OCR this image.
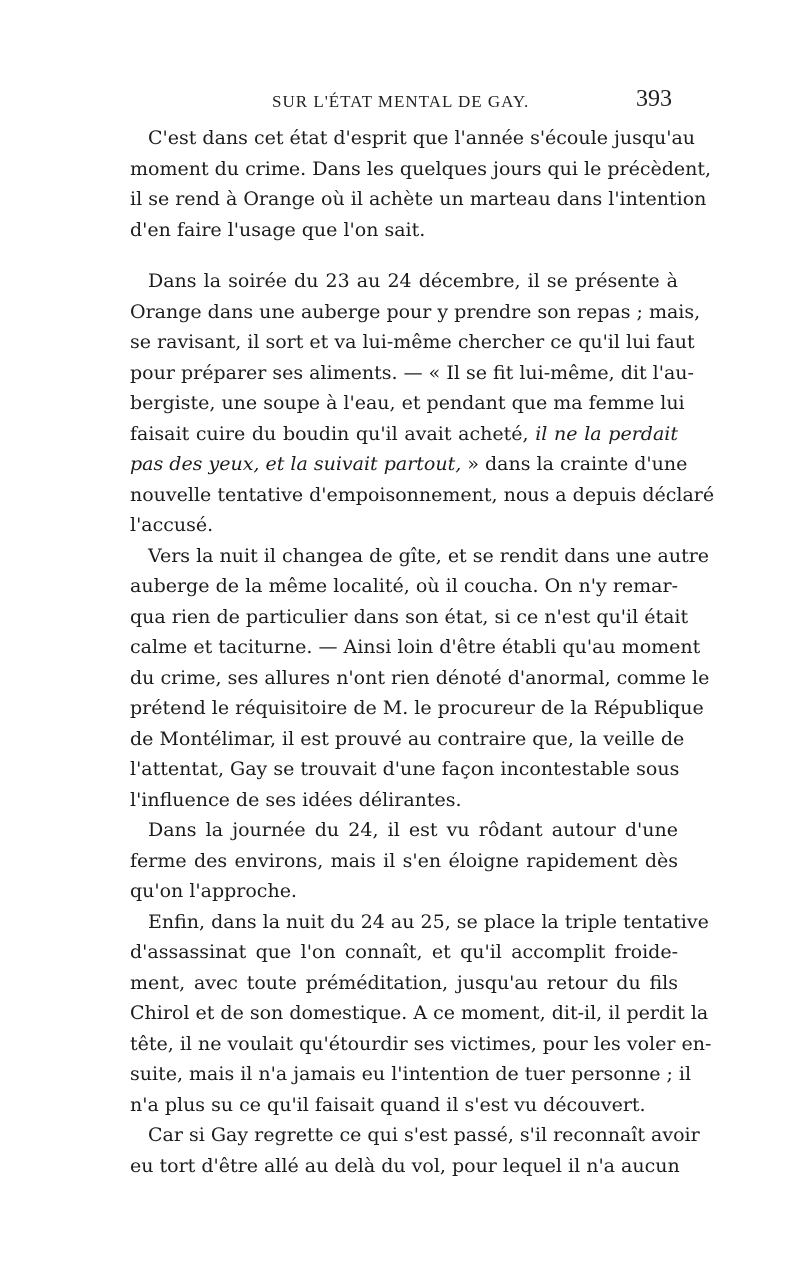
SUR L'ÉTAT MENTAL DE GAY.	393
C'est dans cet état d'esprit que l'année s'écoule jusqu'au
moment du crime. Dans les quelques jours qui le précèdent,
il se rend à Orange où il achète un marteau dans l'intention
d'en faire l'usage que l'on sait.
Dans la soirée du 23 au 24 décembre, il se présente à
Orange dans une auberge pour y prendre son repas ; mais,
se ravisant, il sort et va lui-même chercher ce qu'il lui faut
pour préparer ses aliments. — « Il se fit lui-même, dit l'au-
bergiste, une soupe à l'eau, et pendant que ma femme lui
faisait cuire du boudin qu'il avait acheté, il ne la perdait
pas des yeux, et la suivait partout, » dans la crainte d'une
nouvelle tentative d'empoisonnement, nous a depuis déclaré
l'accusé.
Vers la nuit il changea de gîte, et se rendit dans une autre
auberge de la même localité, où il coucha. On n'y remar-
qua rien de particulier dans son état, si ce n'est qu'il était
calme et taciturne. — Ainsi loin d'être établi qu'au moment
du crime, ses allures n'ont rien dénoté d'anormal, comme le
prétend le réquisitoire de M. le procureur de la République
de Montélimar, il est prouvé au contraire que, la veille de
l'attentat, Gay se trouvait d'une façon incontestable sous
l'influence de ses idées délirantes.
Dans la journée du 24, il est vu rôdant autour d'une
ferme des environs, mais il s'en éloigne rapidement dès
qu'on l'approche.
Enfin, dans la nuit du 24 au 25, se place la triple tentative
d'assassinat que l'on connaît, et qu'il accomplit froide-
ment, avec toute préméditation, jusqu'au retour du fils
Chirol et de son domestique. A ce moment, dit-il, il perdit la
tête, il ne voulait qu'étourdir ses victimes, pour les voler en-
suite, mais il n'a jamais eu l'intention de tuer personne ; il
n'a plus su ce qu'il faisait quand il s'est vu découvert.
Car si Gay regrette ce qui s'est passé, s'il reconnaît avoir
eu tort d'être allé au delà du vol, pour lequel il n'a aucun
